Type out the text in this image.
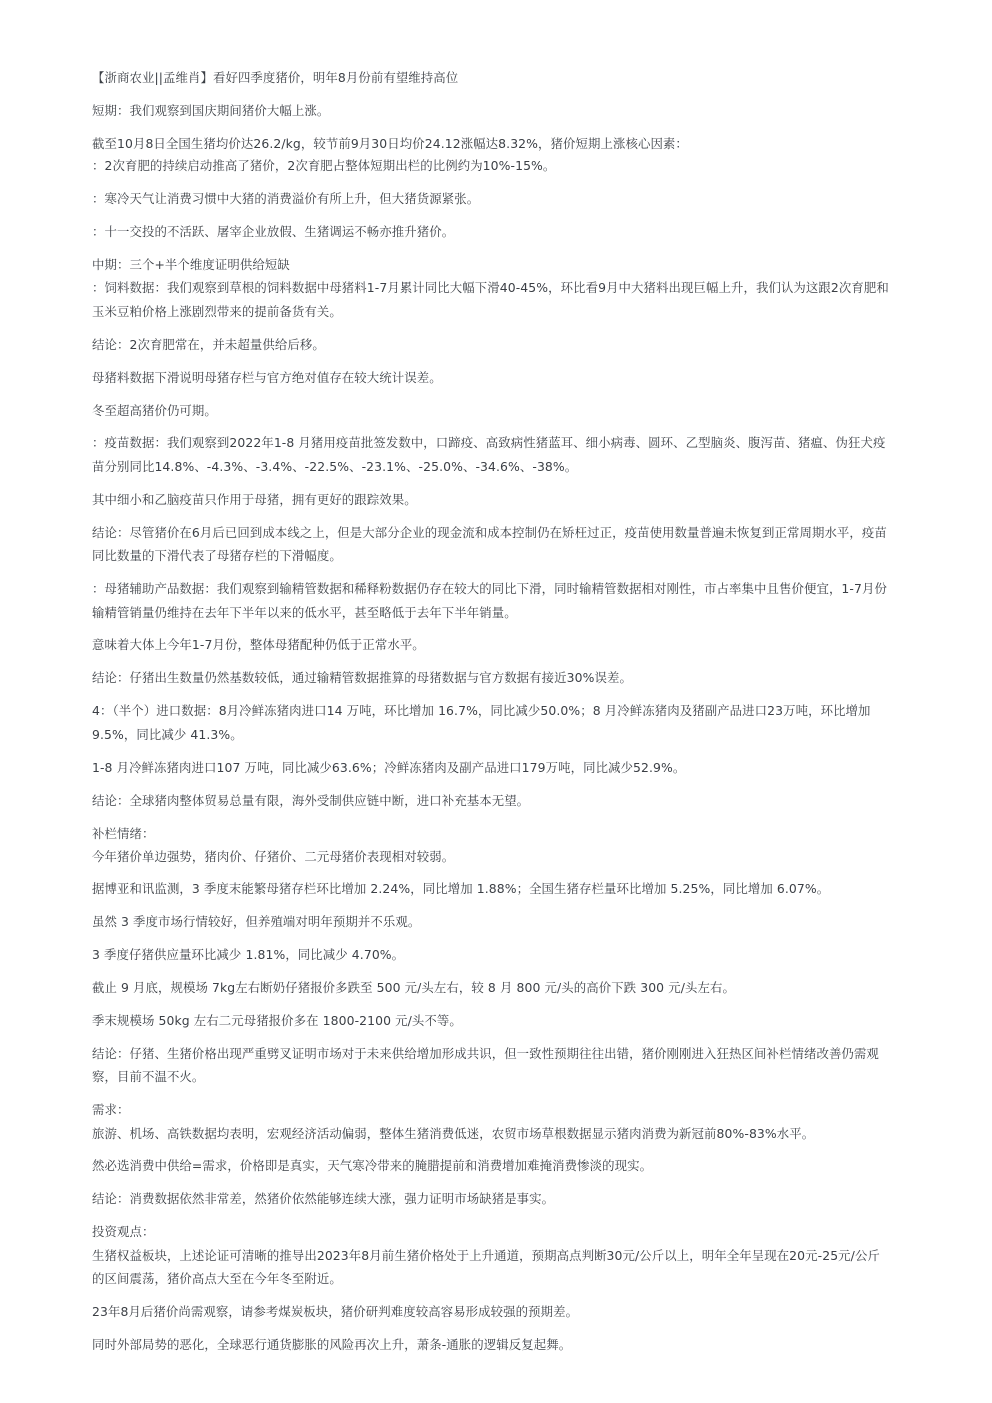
【浙商农业||孟维肖】看好四季度猪价，明年8月份前有望维持高位
短期：我们观察到国庆期间猪价大幅上涨。
截至10月8日全国生猪均价达26.2/kg，较节前9月30日均价24.12涨幅达8.32%，猪价短期上涨核心因素：
：2次育肥的持续启动推高了猪价，2次育肥占整体短期出栏的比例约为10%-15%。
：寒冷天气让消费习惯中大猪的消费溢价有所上升，但大猪货源紧张。
：十一交投的不活跃、屠宰企业放假、生猪调运不畅亦推升猪价。
中期：三个+半个维度证明供给短缺
：饲料数据：我们观察到草根的饲料数据中母猪料1-7月累计同比大幅下滑40-45%，环比看9月中大猪料出现巨幅上升，我们认为这跟2次育肥和
玉米豆粕价格上涨剧烈带来的提前备货有关。
结论：2次育肥常在，并未超量供给后移。
母猪料数据下滑说明母猪存栏与官方绝对值存在较大统计误差。
冬至超高猪价仍可期。
：疫苗数据：我们观察到2022年1-8 月猪用疫苗批签发数中，口蹄疫、高致病性猪蓝耳、细小病毒、圆环、乙型脑炎、腹泻苗、猪瘟、伪狂犬疫
苗分别同比14.8%、-4.3%、-3.4%、-22.5%、-23.1%、-25.0%、-34.6%、-38%。
其中细小和乙脑疫苗只作用于母猪，拥有更好的跟踪效果。
结论：尽管猪价在6月后已回到成本线之上，但是大部分企业的现金流和成本控制仍在矫枉过正，疫苗使用数量普遍未恢复到正常周期水平，疫苗
同比数量的下滑代表了母猪存栏的下滑幅度。
：母猪辅助产品数据：我们观察到输精管数据和稀释粉数据仍存在较大的同比下滑，同时输精管数据相对刚性，市占率集中且售价便宜，1-7月份
输精管销量仍维持在去年下半年以来的低水平，甚至略低于去年下半年销量。
意味着大体上今年1-7月份，整体母猪配种仍低于正常水平。
结论：仔猪出生数量仍然基数较低，通过输精管数据推算的母猪数据与官方数据有接近30%误差。
4：（半个）进口数据：8月冷鲜冻猪肉进口14 万吨，环比增加 16.7%，同比减少50.0%；8 月冷鲜冻猪肉及猪副产品进口23万吨，环比增加
9.5%，同比减少 41.3%。
1-8 月冷鲜冻猪肉进口107 万吨，同比减少63.6%；冷鲜冻猪肉及副产品进口179万吨，同比减少52.9%。
结论：全球猪肉整体贸易总量有限，海外受制供应链中断，进口补充基本无望。
补栏情绪：
今年猪价单边强势，猪肉价、仔猪价、二元母猪价表现相对较弱。
据博亚和讯监测，3 季度末能繁母猪存栏环比增加 2.24%，同比增加 1.88%；全国生猪存栏量环比增加 5.25%，同比增加 6.07%。
虽然 3 季度市场行情较好，但养殖端对明年预期并不乐观。
3 季度仔猪供应量环比减少 1.81%，同比减少 4.70%。
截止 9 月底，规模场 7kg左右断奶仔猪报价多跌至 500 元/头左右，较 8 月 800 元/头的高价下跌 300 元/头左右。
季末规模场 50kg 左右二元母猪报价多在 1800-2100 元/头不等。
结论：仔猪、生猪价格出现严重劈叉证明市场对于未来供给增加形成共识，但一致性预期往往出错，猪价刚刚进入狂热区间补栏情绪改善仍需观
察，目前不温不火。
需求：
旅游、机场、高铁数据均表明，宏观经济活动偏弱，整体生猪消费低迷，农贸市场草根数据显示猪肉消费为新冠前80%-83%水平。
然必选消费中供给=需求，价格即是真实，天气寒冷带来的腌腊提前和消费增加难掩消费惨淡的现实。
结论：消费数据依然非常差，然猪价依然能够连续大涨，强力证明市场缺猪是事实。
投资观点：
生猪权益板块，上述论证可清晰的推导出2023年8月前生猪价格处于上升通道，预期高点判断30元/公斤以上，明年全年呈现在20元-25元/公斤
的区间震荡，猪价高点大至在今年冬至附近。
23年8月后猪价尚需观察，请参考煤炭板块，猪价研判难度较高容易形成较强的预期差。
同时外部局势的恶化，全球恶行通货膨胀的风险再次上升，萧条-通胀的逻辑反复起舞。
